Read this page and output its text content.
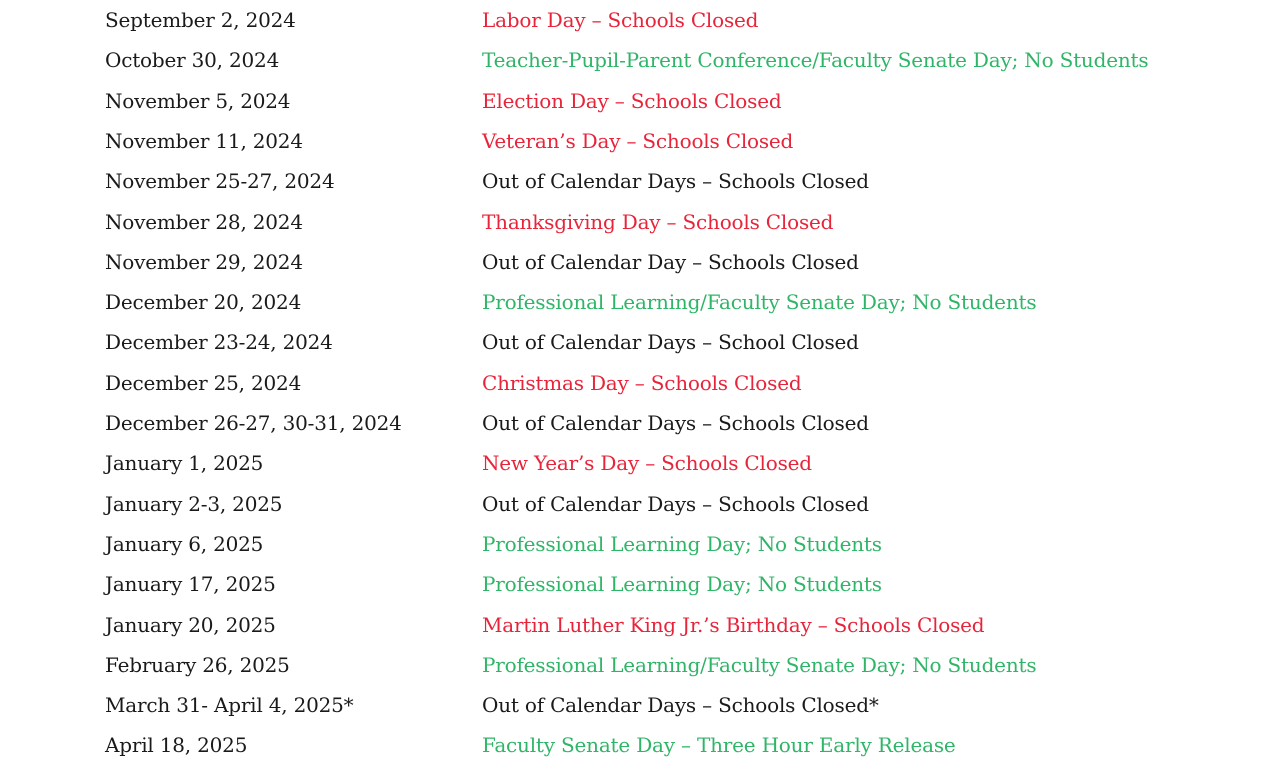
September 2, 2024	Labor Day – Schools Closed
October 30, 2024	Teacher-Pupil-Parent Conference/Faculty Senate Day; No Students
November 5, 2024	Election Day – Schools Closed
November 11, 2024	Veteran’s Day – Schools Closed
November 25-27, 2024	Out of Calendar Days – Schools Closed
November 28, 2024	Thanksgiving Day – Schools Closed
November 29, 2024	Out of Calendar Day – Schools Closed
December 20, 2024	Professional Learning/Faculty Senate Day; No Students
December 23-24, 2024	Out of Calendar Days – School Closed
December 25, 2024	Christmas Day – Schools Closed
December 26-27, 30-31, 2024	Out of Calendar Days – Schools Closed
January 1, 2025	New Year’s Day – Schools Closed
January 2-3, 2025	Out of Calendar Days – Schools Closed
January 6, 2025	Professional Learning Day; No Students
January 17, 2025	Professional Learning Day; No Students
January 20, 2025	Martin Luther King Jr.’s Birthday – Schools Closed
February 26, 2025	Professional Learning/Faculty Senate Day; No Students
March 31- April 4, 2025*	Out of Calendar Days – Schools Closed*
April 18, 2025	Faculty Senate Day – Three Hour Early Release
